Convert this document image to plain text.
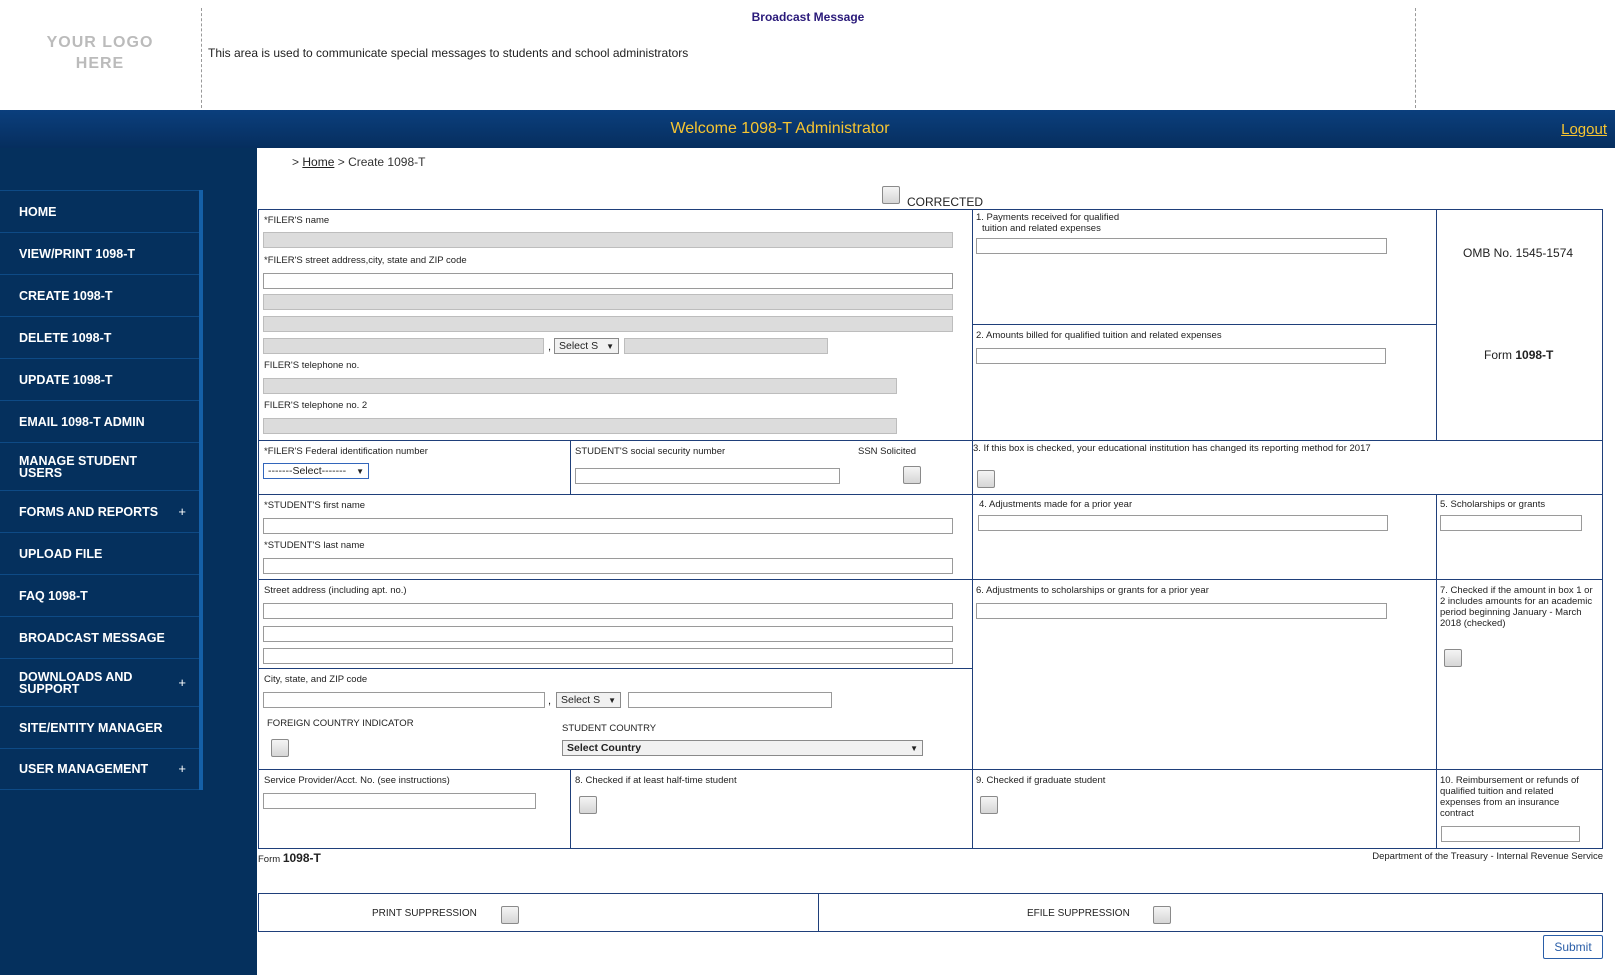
YOUR LOGO
HERE
Broadcast Message
This area is used to communicate special messages to students and school administrators
Welcome 1098-T Administrator	Logout
HOME
VIEW/PRINT 1098-T
CREATE 1098-T
DELETE 1098-T
UPDATE 1098-T
EMAIL 1098-T ADMIN
MANAGE STUDENT USERS
FORMS AND REPORTS +
UPLOAD FILE
FAQ 1098-T
BROADCAST MESSAGE
DOWNLOADS AND SUPPORT	+
SITE/ENTITY MANAGER
USER MANAGEMENT +
> Home > Create 1098-T
CORRECTED
*FILER'S name
*FILER'S street address,city, state and ZIP code
, Select S ▼
FILER'S telephone no.
FILER'S telephone no. 2
1. Payments received for qualified
tuition and related expenses
OMB No. 1545-1574
2. Amounts billed for qualified tuition and related expenses
Form 1098-T
*FILER'S Federal identification number
-------Select------- ▼
STUDENT'S social security number	SSN Solicited	3. If this box is checked, your educational institution has changed its reporting method for 2017
*STUDENT'S first name
*STUDENT'S last name
4. Adjustments made for a prior year	5. Scholarships or grants
Street address (including apt. no.)	6. Adjustments to scholarships or grants for a prior year	7. Checked if the amount in box 1 or 2 includes amounts for an academic period beginning January - March 2018 (checked)
City, state, and ZIP code
, Select S ▼
FOREIGN COUNTRY INDICATOR	STUDENT COUNTRY
Select Country	▼
Service Provider/Acct. No. (see instructions)	8. Checked if at least half-time student	9. Checked if graduate student	10. Reimbursement or refunds of qualified tuition and related expenses from an insurance contract
Form 1098-T	Department of the Treasury - Internal Revenue Service
PRINT SUPPRESSION	EFILE SUPPRESSION
Submit
